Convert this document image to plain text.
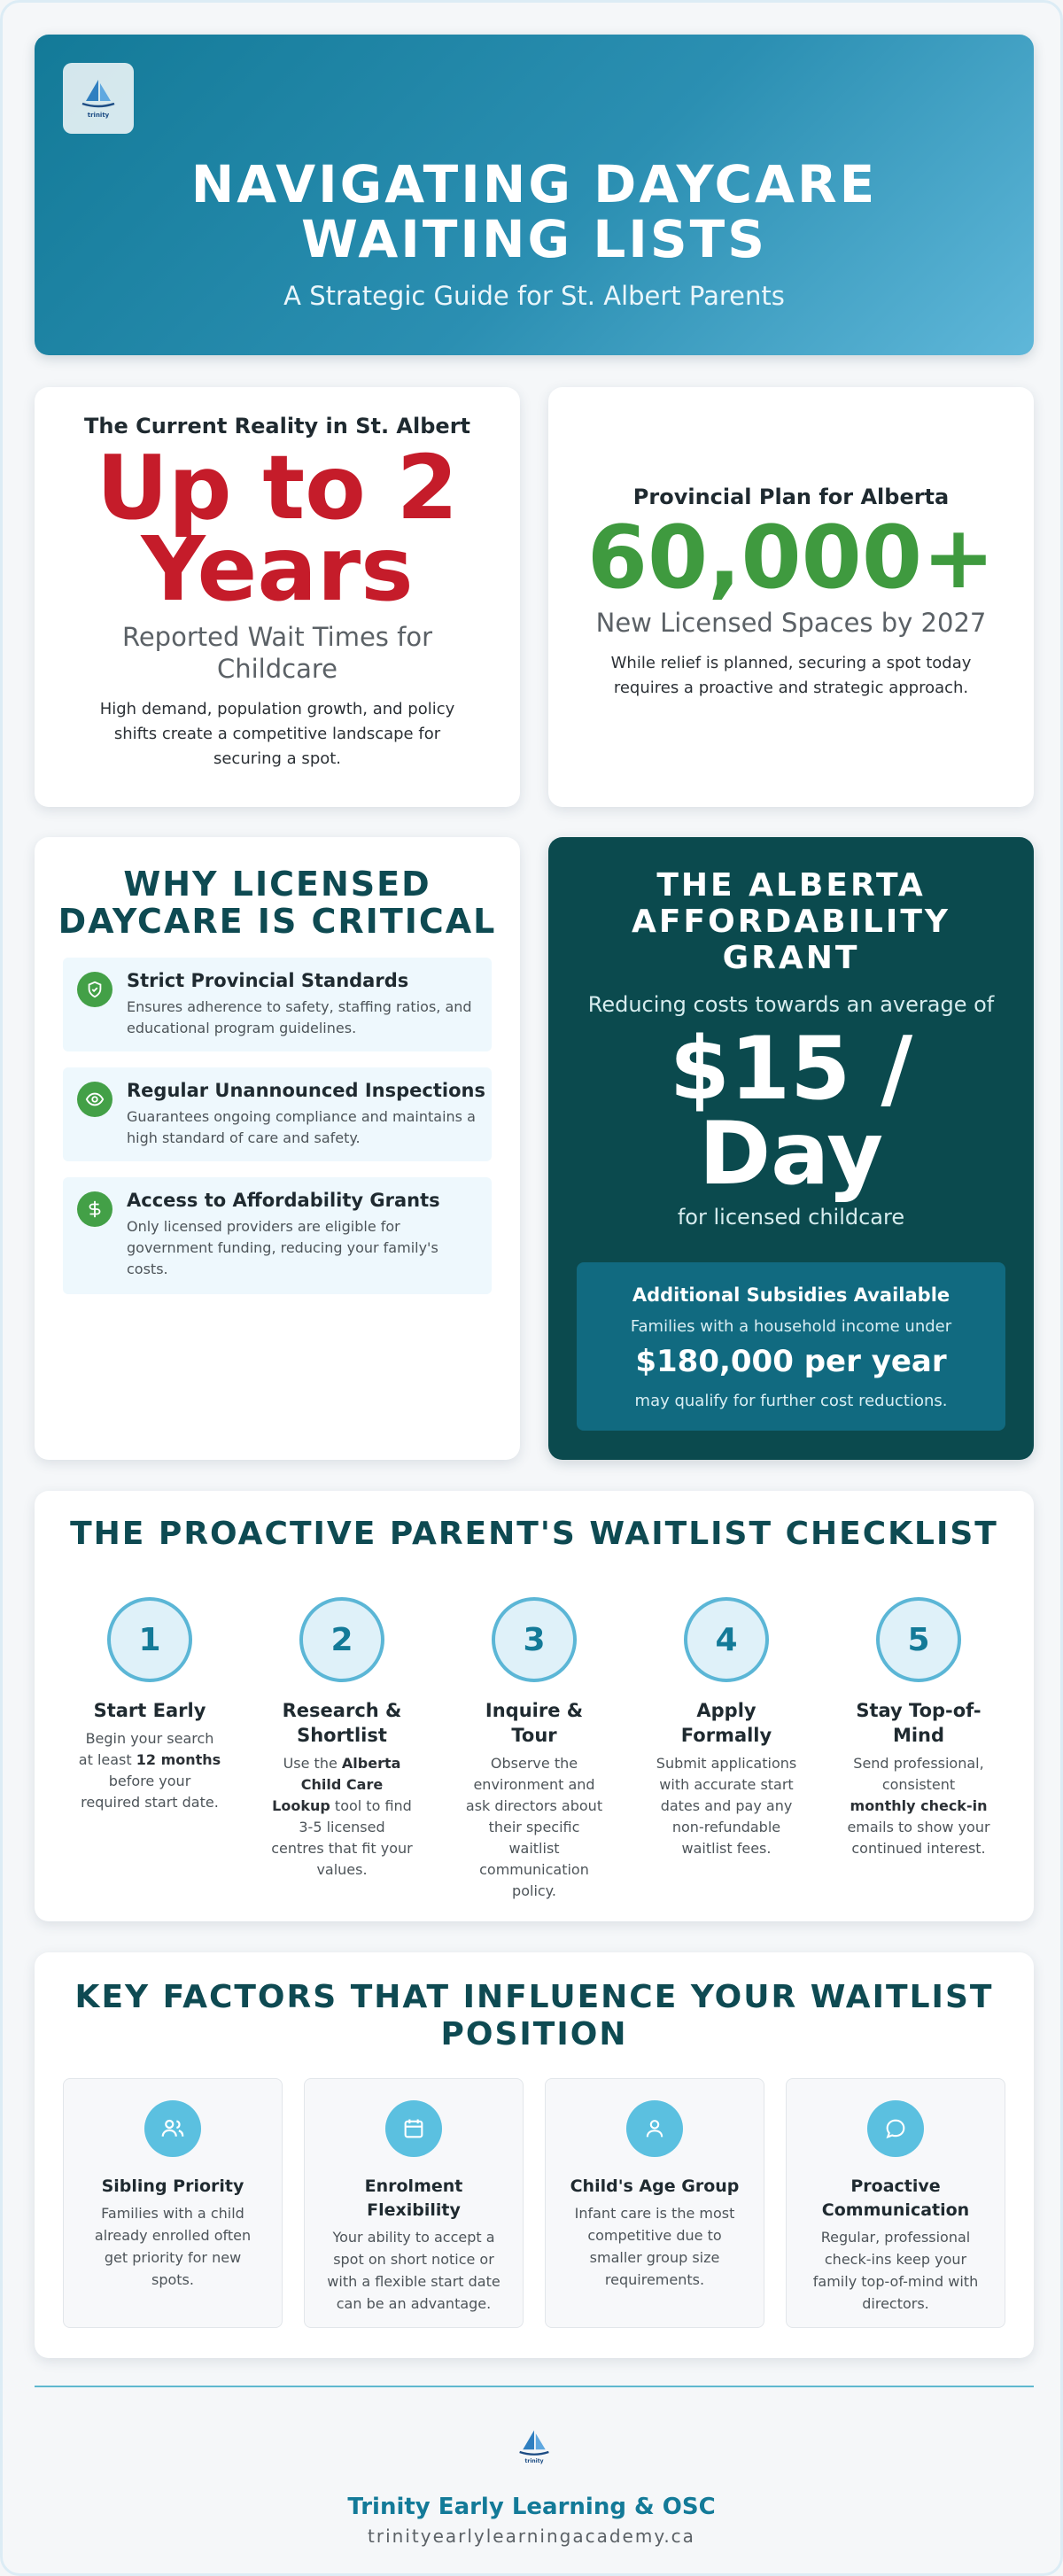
trinity
NAVIGATING DAYCARE
WAITING LISTS
A Strategic Guide for St. Albert Parents
The Current Reality in St. Albert
Up to 2
Years
Reported Wait Times for
Childcare
High demand, population growth, and policy
shifts create a competitive landscape for
securing a spot.
Provincial Plan for Alberta
60,000+
New Licensed Spaces by 2027
While relief is planned, securing a spot today
requires a proactive and strategic approach.
WHY LICENSED
DAYCARE IS CRITICAL
Strict Provincial Standards
Ensures adherence to safety, staffing ratios, and
educational program guidelines.
Regular Unannounced Inspections
Guarantees ongoing compliance and maintains a
high standard of care and safety.
Access to Affordability Grants
Only licensed providers are eligible for
government funding, reducing your family's
costs.
THE ALBERTA
AFFORDABILITY
GRANT
Reducing costs towards an average of
$15 /
Day
for licensed childcare
Additional Subsidies Available
Families with a household income under
$180,000 per year
may qualify for further cost reductions.
THE PROACTIVE PARENT'S WAITLIST CHECKLIST
1
Start Early
Begin your search
at least 12 months
before your
required start date.
2
Research &
Shortlist
Use the Alberta
Child Care
Lookup tool to find
3-5 licensed
centres that fit your
values.
3
Inquire & Tour
Observe the
environment and
ask directors about
their specific
waitlist
communication
policy.
4
Apply
Formally
Submit applications
with accurate start
dates and pay any
non-refundable
waitlist fees.
5
Stay Top-of-
Mind
Send professional,
consistent
monthly check-in
emails to show your
continued interest.
KEY FACTORS THAT INFLUENCE YOUR WAITLIST
POSITION
Sibling Priority
Families with a child
already enrolled often
get priority for new
spots.
Enrolment
Flexibility
Your ability to accept a
spot on short notice or
with a flexible start date
can be an advantage.
Child's Age Group
Infant care is the most
competitive due to
smaller group size
requirements.
Proactive
Communication
Regular, professional
check-ins keep your
family top-of-mind with
directors.
trinity
Trinity Early Learning & OSC
trinityearlylearningacademy.ca
